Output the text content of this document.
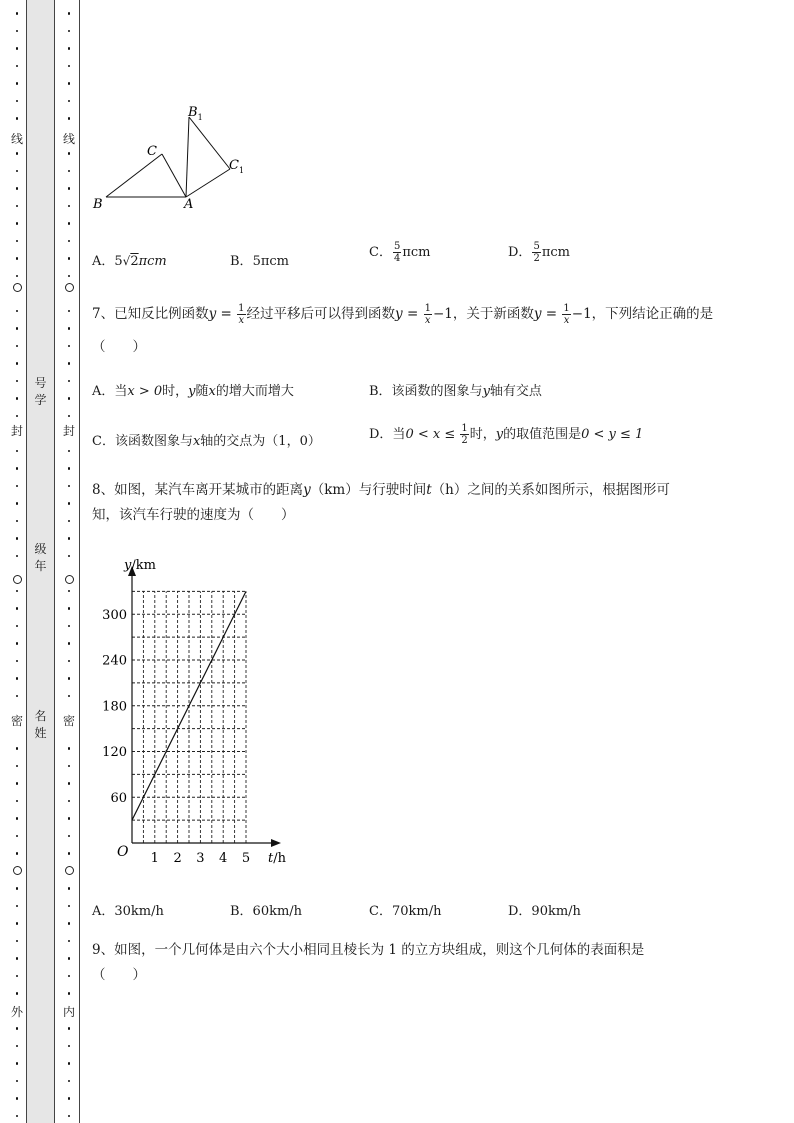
线
封
密
外
线
封
密
内
号
学
级
年
名
姓
$B_1$
C
$C_1$
B	A
A．5√2πcm	B．5πcm
C． $\frac{5}{4}$ πcm	D． $\frac{5}{2}$ πcm
7、已知反比例函数$y = \frac{1}{x}$ 经过平移后可以得到函数$y = \frac{1}{x} -1$，关于新函数$y = \frac{1}{x} -1$，下列结论正确的是
（　　）
A．当x > 0时，y随x的增大而增大	B．该函数的图象与y轴有交点
C．该函数图象与x轴的交点为（1，0）	D．当$0 < x \le \frac{1}{2}$ 时，y的取值范围是0 < y ≤ 1
8、如图，某汽车离开某城市的距离y（km）与行驶时间t（h）之间的关系如图所示，根据图形可
知，该汽车行驶的速度为（　　）
60
120
180
240
300
1 2 3 4 5
O
y/km
t/h
A．30km/h	B．60km/h	C．70km/h	D．90km/h
9、如图，一个几何体是由六个大小相同且棱长为 1 的立方块组成，则这个几何体的表面积是
（　　）
